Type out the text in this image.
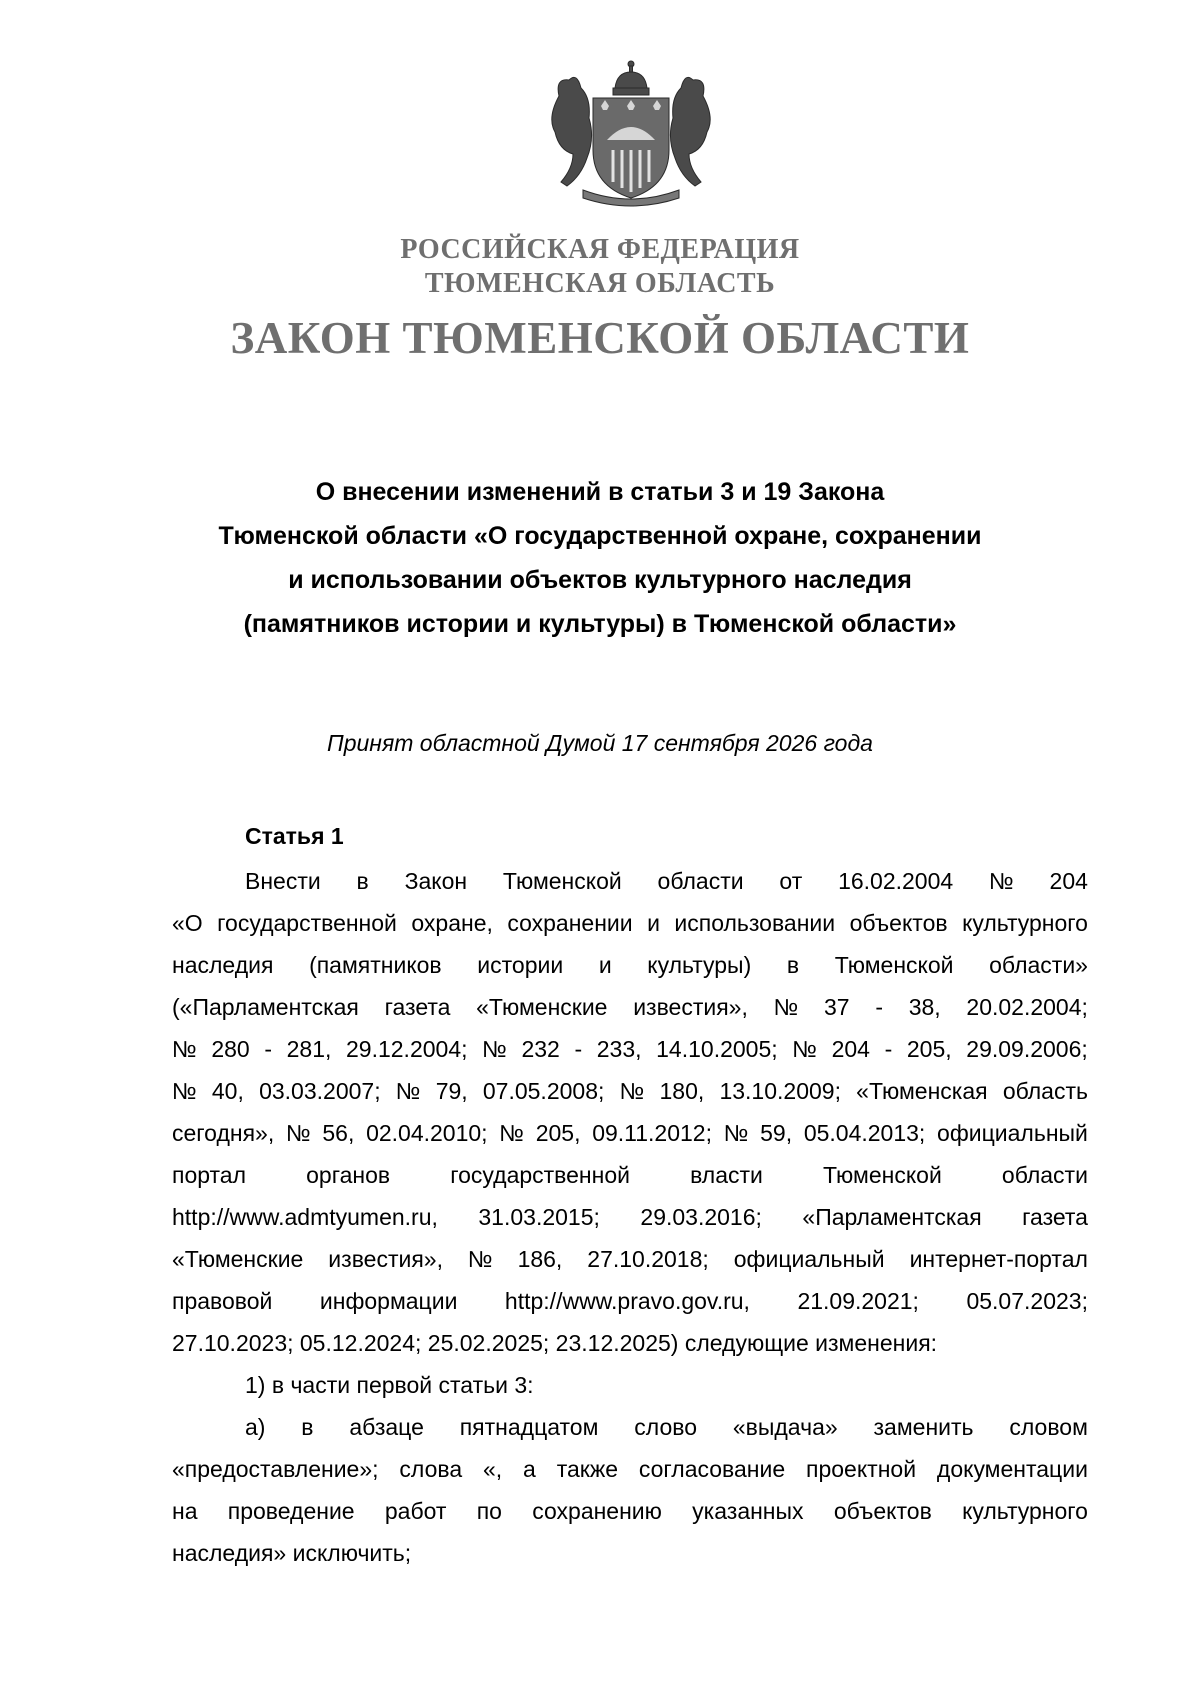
РОССИЙСКАЯ ФЕДЕРАЦИЯ
ТЮМЕНСКАЯ ОБЛАСТЬ
ЗАКОН ТЮМЕНСКОЙ ОБЛАСТИ
О внесении изменений в статьи 3 и 19 Закона
Тюменской области «О государственной охране, сохранении
и использовании объектов культурного наследия
(памятников истории и культуры) в Тюменской области»
Принят областной Думой 17 сентября 2026 года
Статья 1
Внести в Закон Тюменской области от 16.02.2004 № 204
«О государственной охране, сохранении и использовании объектов культурного
наследия (памятников истории и культуры) в Тюменской области»
(«Парламентская газета «Тюменские известия», № 37 - 38, 20.02.2004;
№ 280 - 281, 29.12.2004; № 232 - 233, 14.10.2005; № 204 - 205, 29.09.2006;
№ 40, 03.03.2007; № 79, 07.05.2008; № 180, 13.10.2009; «Тюменская область
сегодня», № 56, 02.04.2010; № 205, 09.11.2012; № 59, 05.04.2013; официальный
портал	органов	государственной	власти	Тюменской	области
http://www.admtyumen.ru, 31.03.2015; 29.03.2016; «Парламентская газета
«Тюменские известия», № 186, 27.10.2018; официальный интернет-портал
правовой информации http://www.pravo.gov.ru, 21.09.2021; 05.07.2023;
27.10.2023; 05.12.2024; 25.02.2025; 23.12.2025) следующие изменения:
1) в части первой статьи 3:
а) в абзаце пятнадцатом слово «выдача» заменить словом
«предоставление»; слова «, а также согласование проектной документации
на проведение работ по сохранению указанных объектов культурного
наследия» исключить;
